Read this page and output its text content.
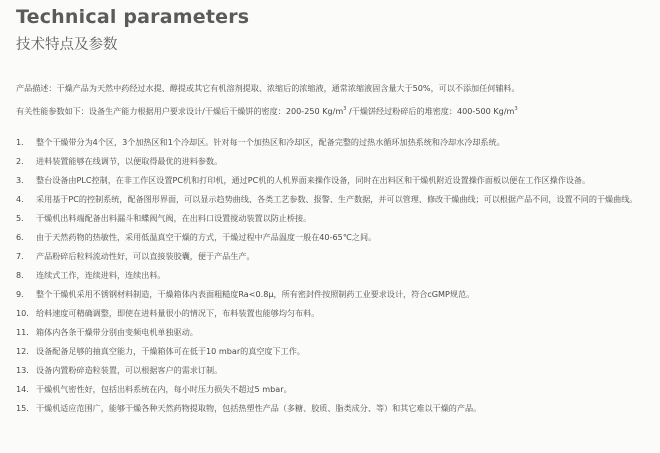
Technical parameters
技术特点及参数
产品描述：干燥产品为天然中药经过水提、醇提或其它有机溶剂提取、浓缩后的浓缩液，通常浓缩液固含量大于50%，可以不添加任何辅料。
有关性能参数如下：设备生产能力根据用户要求设计/干燥后干燥饼的密度：200-250 $Kg/m^3$ /干燥饼经过粉碎后的堆密度：400-500 $Kg/m^3$
1． 整个干燥带分为4个区，3个加热区和1个冷却区。针对每一个加热区和冷却区，配备完整的过热水循环加热系统和冷却水冷却系统。
2． 进料装置能够在线调节，以便取得最优的进料参数。
3． 整台设备由PLC控制，在非工作区设置PC机和打印机，通过PC机的人机界面来操作设备，同时在出料区和干燥机附近设置操作面板以便在工作区操作设备。
4． 采用基于PC的控制系统，配备图形界面，可以显示趋势曲线、各类工艺参数、报警、生产数据，并可以管理、修改干燥曲线；可以根据产品不同，设置不同的干燥曲线。
5． 干燥机出料端配备出料漏斗和蝶阀气阀，在出料口设置搅动装置以防止桥接。
6． 由于天然药物的热敏性，采用低温真空干燥的方式，干燥过程中产品温度一般在40-65℃之间。
7． 产品粉碎后粒料流动性好，可以直接装胶囊，便于产品生产。
8． 连续式工作，连续进料，连续出料。
9． 整个干燥机采用不锈钢材料制造，干燥箱体内表面粗糙度Ra<0.8μ，所有密封件按照制药工业要求设计，符合cGMP规范。
10． 给料速度可精确调整，即使在进料量很小的情况下，布料装置也能够均匀布料。
11． 箱体内各条干燥带分别由变频电机单独驱动。
12． 设备配备足够的抽真空能力，干燥箱体可在低于10 mbar的真空度下工作。
13． 设备内置粉碎造粒装置，可以根据客户的需求订制。
14． 干燥机气密性好，包括出料系统在内，每小时压力损失不超过5 mbar。
15． 干燥机适应范围广，能够干燥各种天然药物提取物，包括热塑性产品（多糖、胶质、脂类成分、等）和其它难以干燥的产品。
